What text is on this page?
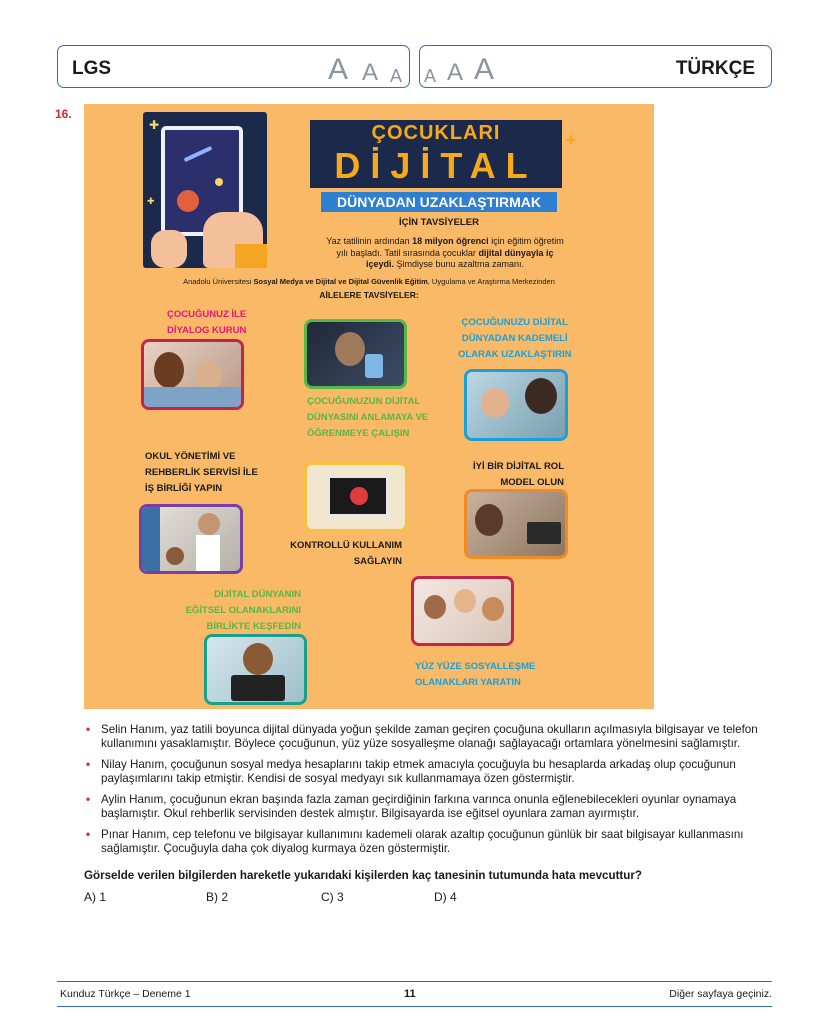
LGS	A A A A A A	TÜRKÇE
16.
✚
✚
ÇOCUKLARI
DİJİTAL
+
DÜNYADAN UZAKLAŞTIRMAK
İÇİN TAVSİYELER
Yaz tatilinin ardından 18 milyon öğrenci için eğitim öğretim yılı başladı. Tatil sırasında çocuklar dijital dünyayla iç içeydi. Şimdiyse bunu azaltma zamanı.
Anadolu Üniversitesi Sosyal Medya ve Dijital ve Dijital Güvenlik Eğitim, Uygulama ve Araştırma Merkezinden
AİLELERE TAVSİYELER:
ÇOCUĞUNUZ İLE
DİYALOG KURUN
ÇOCUĞUNUZU DİJİTAL
DÜNYADAN KADEMELİ
OLARAK UZAKLAŞTIRIN
ÇOCUĞUNUZUN DİJİTAL
DÜNYASINI ANLAMAYA VE
ÖĞRENMEYE ÇALIŞIN
OKUL YÖNETİMİ VE
REHBERLİK SERVİSİ İLE
İŞ BİRLİĞİ YAPIN
İYİ BİR DİJİTAL ROL
MODEL OLUN
KONTROLLÜ KULLANIM
SAĞLAYIN
DİJİTAL DÜNYANIN
EĞİTSEL OLANAKLARINI
BİRLİKTE KEŞFEDİN
YÜZ YÜZE SOSYALLEŞME
OLANAKLARI YARATIN
• Selin Hanım, yaz tatili boyunca dijital dünyada yoğun şekilde zaman geçiren çocuğuna okulların açılmasıyla bilgisayar ve telefon kullanımını yasaklamıştır. Böylece çocuğunun, yüz yüze sosyalleşme olanağı sağlayacağı ortamlara yönelmesini sağlamıştır.
• Nilay Hanım, çocuğunun sosyal medya hesaplarını takip etmek amacıyla çocuğuyla bu hesaplarda arkadaş olup çocuğunun paylaşımlarını takip etmiştir. Kendisi de sosyal medyayı sık kullanmamaya özen göstermiştir.
• Aylin Hanım, çocuğunun ekran başında fazla zaman geçirdiğinin farkına varınca onunla eğlenebilecekleri oyunlar oynamaya başlamıştır. Okul rehberlik servisinden destek almıştır. Bilgisayarda ise eğitsel oyunlara zaman ayırmıştır.
• Pınar Hanım, cep telefonu ve bilgisayar kullanımını kademeli olarak azaltıp çocuğunun günlük bir saat bilgisayar kullanmasını sağlamıştır. Çocuğuyla daha çok diyalog kurmaya özen göstermiştir.
Görselde verilen bilgilerden hareketle yukarıdaki kişilerden kaç tanesinin tutumunda hata mevcuttur?
A) 1	B) 2	C) 3	D) 4
Kunduz Türkçe – Deneme 1	11	Diğer sayfaya geçiniz.
